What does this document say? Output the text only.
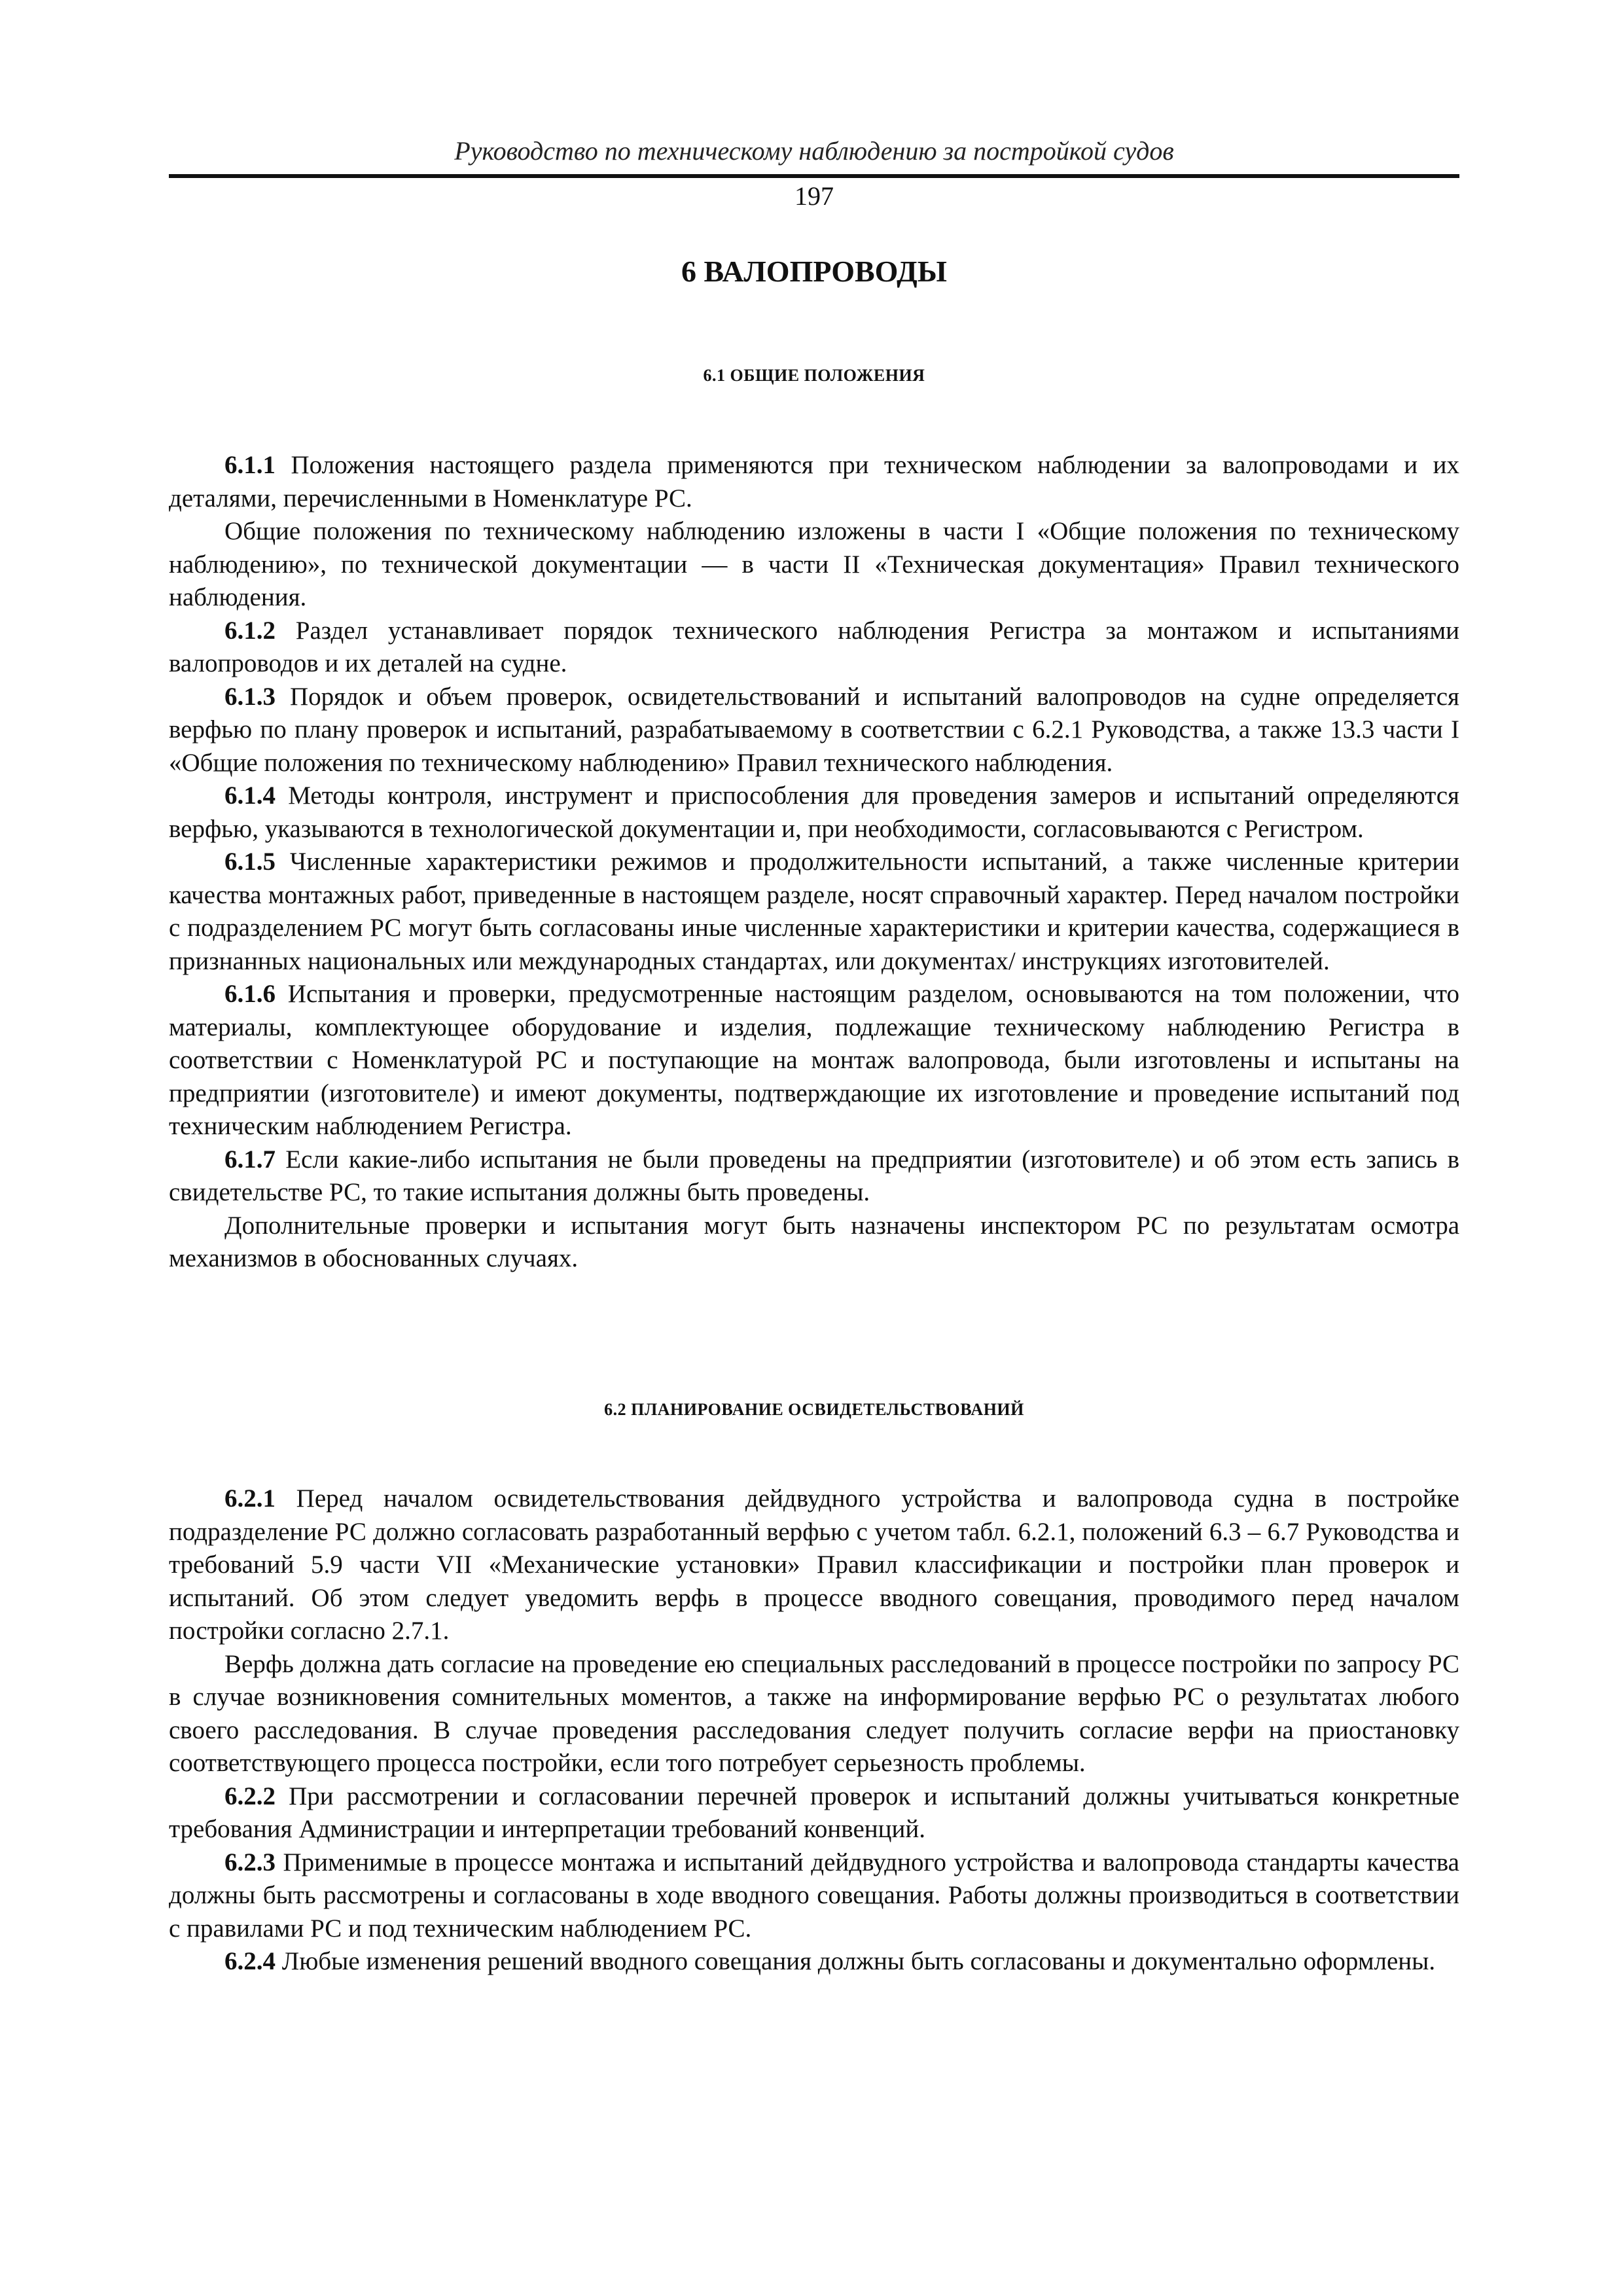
Руководство по техническому наблюдению за постройкой судов
197
6 ВАЛОПРОВОДЫ
6.1 ОБЩИЕ ПОЛОЖЕНИЯ

6.1.1 Положения настоящего раздела применяются при техническом наблюдении за валопроводами и их деталями, перечисленными в Номенклатуре РС.

Общие положения по техническому наблюдению изложены в части I «Общие положения по техническому наблюдению», по технической документации — в части II «Техническая документация» Правил технического наблюдения.

6.1.2 Раздел устанавливает порядок технического наблюдения Регистра за монтажом и испытаниями валопроводов и их деталей на судне.

6.1.3 Порядок и объем проверок, освидетельствований и испытаний валопроводов на судне определяется верфью по плану проверок и испытаний, разрабатываемому в соответствии с 6.2.1 Руководства, а также 13.3 части I «Общие положения по техническому наблюдению» Правил технического наблюдения.

6.1.4 Методы контроля, инструмент и приспособления для проведения замеров и испытаний определяются верфью, указываются в технологической документации и, при необходимости, согласовываются с Регистром.

6.1.5 Численные характеристики режимов и продолжительности испытаний, а также численные критерии качества монтажных работ, приведенные в настоящем разделе, носят справочный характер. Перед началом постройки с подразделением РС могут быть согласованы иные численные характеристики и критерии качества, содержащиеся в признанных национальных или международных стандартах, или документах/ инструкциях изготовителей.

6.1.6 Испытания и проверки, предусмотренные настоящим разделом, основываются на том положении, что материалы, комплектующее оборудование и изделия, подлежащие техническому наблюдению Регистра в соответствии с Номенклатурой РС и поступающие на монтаж валопровода, были изготовлены и испытаны на предприятии (изготовителе) и имеют документы, подтверждающие их изготовление и проведение испытаний под техническим наблюдением Регистра.

6.1.7 Если какие-либо испытания не были проведены на предприятии (изготовителе) и об этом есть запись в свидетельстве РС, то такие испытания должны быть проведены.

Дополнительные проверки и испытания могут быть назначены инспектором РС по результатам осмотра механизмов в обоснованных случаях.

6.2 ПЛАНИРОВАНИЕ ОСВИДЕТЕЛЬСТВОВАНИЙ

6.2.1 Перед началом освидетельствования дейдвудного устройства и валопровода судна в постройке подразделение РС должно согласовать разработанный верфью с учетом табл. 6.2.1, положений 6.3 – 6.7 Руководства и требований 5.9 части VII «Механические установки» Правил классификации и постройки план проверок и испытаний. Об этом следует уведомить верфь в процессе вводного совещания, проводимого перед началом постройки согласно 2.7.1.

Верфь должна дать согласие на проведение ею специальных расследований в процессе постройки по запросу РС в случае возникновения сомнительных моментов, а также на информирование верфью РС о результатах любого своего расследования. В случае проведения расследования следует получить согласие верфи на приостановку соответствующего процесса постройки, если того потребует серьезность проблемы.

6.2.2 При рассмотрении и согласовании перечней проверок и испытаний должны учитываться конкретные требования Администрации и интерпретации требований конвенций.

6.2.3 Применимые в процессе монтажа и испытаний дейдвудного устройства и валопровода стандарты качества должны быть рассмотрены и согласованы в ходе вводного совещания. Работы должны производиться в соответствии с правилами РС и под техническим наблюдением РС.

6.2.4 Любые изменения решений вводного совещания должны быть согласованы и документально оформлены.
